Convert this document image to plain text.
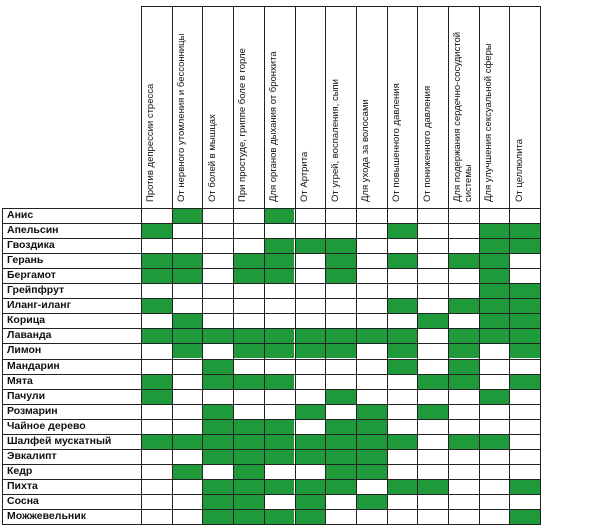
Против депрессии стресса От нервного утомления и бессонницы От болей в мышцах При простуде, гриппе боле в горле Для органов дыхания от бронхита От Артрита От угрей, воспаления, сыпи Для ухода за волосами От повышенного давления От пониженного давления Для подержания сердечно-сосудистой системы Для улучшения сексуальной сферы От целлюлита
Анис
Апельсин
Гвоздика
Герань
Бергамот
Грейпфрут
Иланг-иланг
Корица
Лаванда
Лимон
Мандарин
Мята
Пачули
Розмарин
Чайное дерево
Шалфей мускатный
Эвкалипт
Кедр
Пихта
Сосна
Можжевельник
